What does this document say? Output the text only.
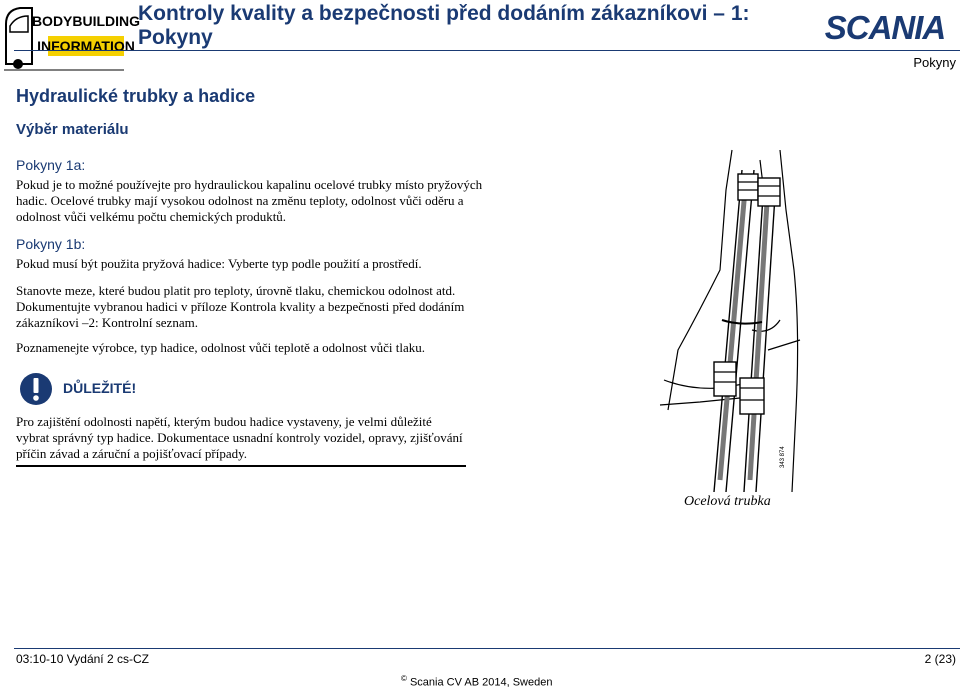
BODYBUILDING
INFORMATION
Kontroly kvality a bezpečnosti před dodáním zákazníkovi – 1: Pokyny	SCANIA
Pokyny
Hydraulické trubky a hadice
Výběr materiálu
Pokyny 1a:
Pokud je to možné používejte pro hydraulickou kapalinu ocelové trubky místo pryžových hadic. Ocelové trubky mají vysokou odolnost na změnu teploty, odolnost vůči oděru a odolnost vůči velkému počtu chemických produktů.
Pokyny 1b:
Pokud musí být použita pryžová hadice: Vyberte typ podle použití a prostředí.
Stanovte meze, které budou platit pro teploty, úrovně tlaku, chemickou odolnost atd.
Dokumentujte vybranou hadici v příloze Kontrola kvality a bezpečnosti před dodáním zákazníkovi –2: Kontrolní seznam.
Poznamenejte výrobce, typ hadice, odolnost vůči teplotě a odolnost vůči tlaku.
DŮLEŽITÉ!
Pro zajištění odolnosti napětí, kterým budou hadice vystaveny, je velmi důležité vybrat správný typ hadice. Dokumentace usnadní kontroly vozidel, opravy, zjišťování příčin závad a záruční a pojišťovací případy.
Ocelová trubka
343 874
03:10-10 Vydání 2 cs-CZ	2 (23)
© Scania CV AB 2014, Sweden
